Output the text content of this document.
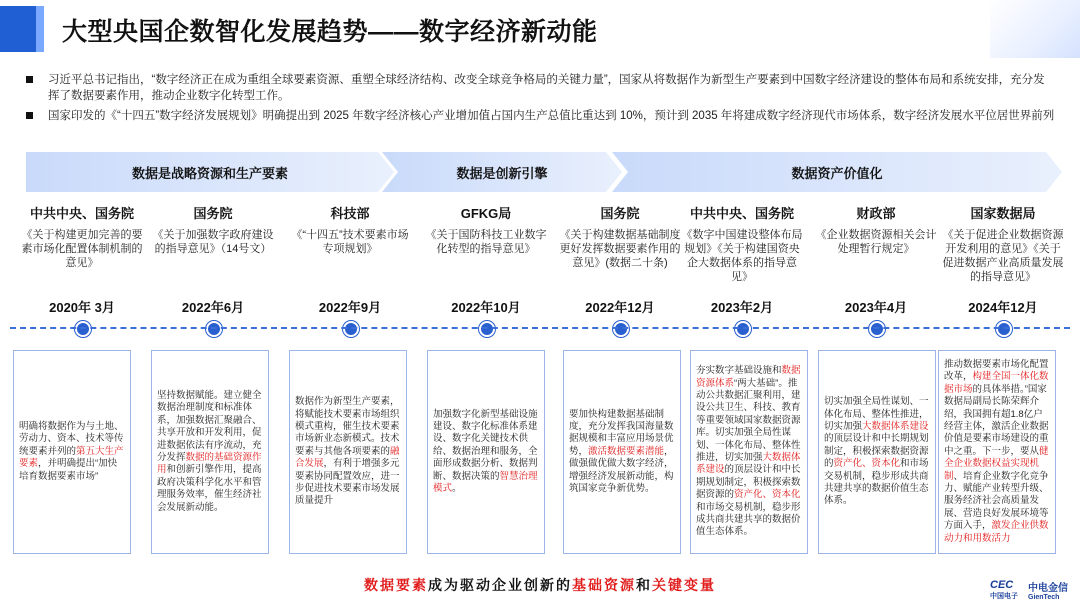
大型央国企数智化发展趋势——数字经济新动能
习近平总书记指出，“数字经济正在成为重组全球要素资源、重塑全球经济结构、改变全球竞争格局的关键力量”，国家从将数据作为新型生产要素到中国数字经济建设的整体布局和系统安排，充分发挥了数据要素作用，推动企业数字化转型工作。
国家印发的《“十四五”数字经济发展规划》明确提出到 2025 年数字经济核心产业增加值占国内生产总值比重达到 10%，预计到 2035 年将建成数字经济现代市场体系，数字经济发展水平位居世界前列
数据是战略资源和生产要素	数据是创新引擎	数据资产价值化
中共中央、国务院
《关于构建更加完善的要素市场化配置体制机制的意见》
2020年 3月
明确将数据作为与土地、劳动力、资本、技术等传统要素并列的第五大生产要素，并明确提出“加快培育数据要素市场”
国务院
《关于加强数字政府建设的指导意见》（14号文）
2022年6月
坚持数据赋能。建立健全数据治理制度和标准体系，加强数据汇聚融合、共享开放和开发利用，促进数据依法有序流动，充分发挥数据的基础资源作用和创新引擎作用，提高政府决策科学化水平和管理服务效率，催生经济社会发展新动能。
科技部
《“十四五”技术要素市场专项规划》
2022年9月
数据作为新型生产要素，将赋能技术要素市场组织模式重构，催生技术要素市场新业态新模式。技术要素与其他各项要素的融合发展，有利于增强多元要素协同配置效应，进一步促进技术要素市场发展质量提升
GFKG局
《关于国防科技工业数字化转型的指导意见》
2022年10月
加强数字化新型基础设施建设、数字化标准体系建设、数字化关键技术供给、数据治理和服务，全面形成数据分析、数据判断、数据决策的智慧治理模式。
国务院
《关于构建数据基础制度更好发挥数据要素作用的意见》(数据二十条)
2022年12月
要加快构建数据基础制度，充分发挥我国海量数据规模和丰富应用场景优势，激活数据要素潜能，做强做优做大数字经济，增强经济发展新动能，构筑国家竞争新优势。
中共中央、国务院
《数字中国建设整体布局规划》《关于构建国资央企大数据体系的指导意见》
2023年2月
夯实数字基础设施和数据资源体系“两大基础”。推动公共数据汇聚利用，建设公共卫生、科技、教育等重要领域国家数据资源库。切实加强全局性谋划、一体化布局、整体性推进，切实加强大数据体系建设的顶层设计和中长期规划制定，积极探索数据资源的资产化、资本化和市场交易机制，稳步形成共商共建共享的数据价值生态体系。
财政部
《企业数据资源相关会计处理暂行规定》
2023年4月
切实加强全局性谋划、一体化布局、整体性推进，切实加强大数据体系建设的顶层设计和中长期规划制定，积极探索数据资源的资产化、资本化和市场交易机制，稳步形成共商共建共享的数据价值生态体系。
国家数据局
《关于促进企业数据资源开发利用的意见》《关于促进数据产业高质量发展的指导意见》
2024年12月
推动数据要素市场化配置改革，构建全国一体化数据市场的具体举措。”国家数据局副局长陈荣辉介绍，我国拥有超1.8亿户经营主体，激活企业数据价值是要素市场建设的重中之重。下一步，要从健全企业数据权益实现机制、培育企业数字化竞争力、赋能产业转型升级、服务经济社会高质量发展、营造良好发展环境等方面入手，激发企业供数动力和用数活力
数据要素成为驱动企业创新的基础资源和关键变量	CEC
中国电子
中电金信
GienTech
